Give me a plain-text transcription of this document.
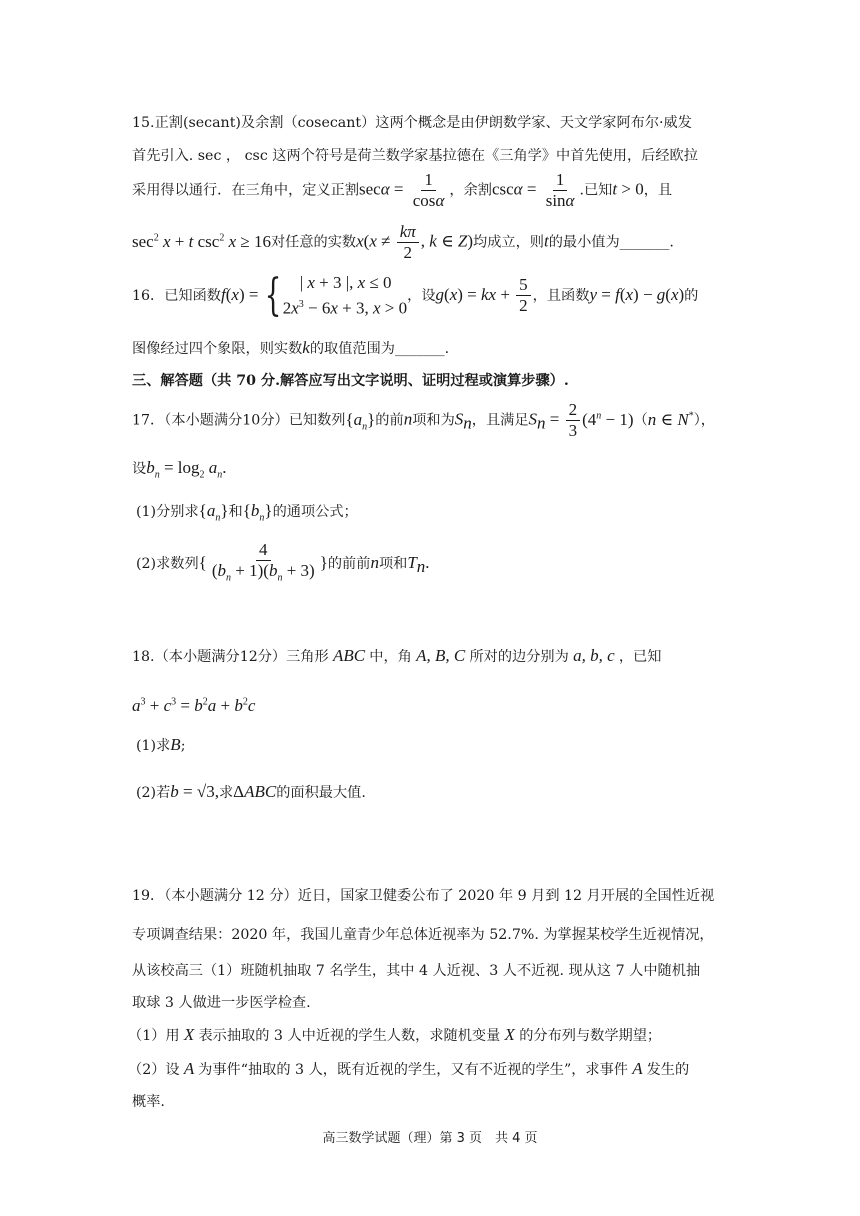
15.正割(secant)及余割（cosecant）这两个概念是由伊朗数学家、天文学家阿布尔·威发
首先引入. sec ， csc 这两个符号是荷兰数学家基拉德在《三角学》中首先使用，后经欧拉
采用得以通行．在三角中，定义正割$\sec\alpha = \frac{1}{\cos\alpha}$ ，余割$\csc\alpha = \frac{1}{\sin\alpha}$ .已知t > 0，且
$\sec^2 x + t$ $\csc^2 x \ge 16$对任意的实数$x(x \ne \frac{k\pi}{2}$ , k ∈ Z)均成立，则t的最小值为_______.
16．已知函数f(x) = { | x + 3 |, x ≤ 0
$2x^3 - 6x + 3$, x > 0
，设g(x) = kx + $\frac{5}{2}$ ，且函数y = f(x) − g(x)的
图像经过四个象限，则实数k的取值范围为_______.
三、解答题（共 70 分.解答应写出文字说明、证明过程或演算步骤）.
17．（本小题满分10分）已知数列$\{a_n\}$的前n项和为$S_n$，且满足$S_n = \frac{2}{3} (4^n - 1)(n$ ∈ N*），
设$b_n = \log_2 a_n$.
(1)分别求$\{a_n\}$和$\{b_n\}$的通项公式；
(2)求数列{ $\frac{4}{(b_n + 1)(b_n + 3)}$ }的前前n项和$T_n$.
18.（本小题满分12分）三角形 ABC 中，角 A, B, C 所对的边分别为 a, b, c ，已知
$a^3 + c^3 = b^2a + b^2c$
(1)求B;
(2)若b = √3,求ΔABC的面积最大值.
19．（本小题满分 12 分）近日，国家卫健委公布了 2020 年 9 月到 12 月开展的全国性近视
专项调查结果：2020 年，我国儿童青少年总体近视率为 52.7%. 为掌握某校学生近视情况，
从该校高三（1）班随机抽取 7 名学生，其中 4 人近视、3 人不近视. 现从这 7 人中随机抽
取球 3 人做进一步医学检查.
（1）用 X 表示抽取的 3 人中近视的学生人数，求随机变量 X 的分布列与数学期望；
（2）设 A 为事件“抽取的 3 人，既有近视的学生，又有不近视的学生”，求事件 A 发生的
概率.
高三数学试题（理）第 3 页　共 4 页
